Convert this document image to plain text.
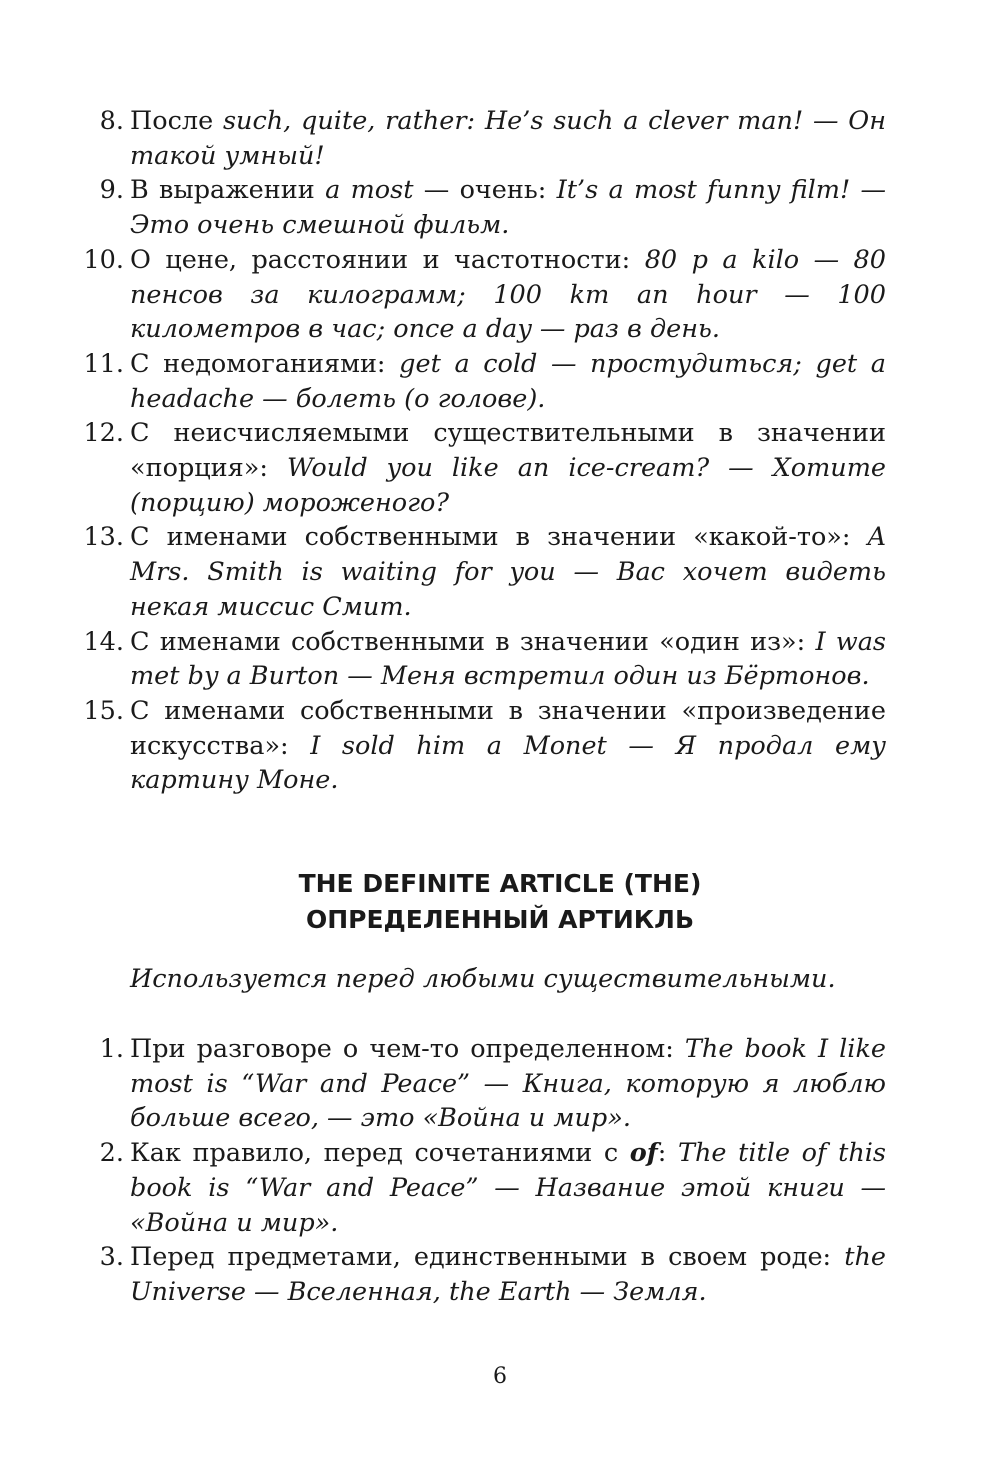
8. После such, quite, rather: He’s such a clever man! — Он такой умный!
9. В выражении a most — очень: It’s a most funny film! — Это очень смешной фильм.
10. О цене, расстоянии и частотности: 80 p a kilo — 80 пенсов за килограмм; 100 km an hour — 100 километров в час; once a day — раз в день.
11. С недомоганиями: get a cold — простудиться; get a headache — болеть (о голове).
12. С неисчисляемыми существительными в значении «порция»: Would you like an ice-cream? — Хотите (порцию) мороженого?
13. С именами собственными в значении «какой-то»: A Mrs. Smith is waiting for you — Вас хочет видеть некая миссис Смит.
14. С именами собственными в значении «один из»: I was met by a Burton — Меня встретил один из Бёртонов.
15. С именами собственными в значении «произведение искусства»: I sold him a Monet — Я продал ему картину Моне.
THE DEFINITE ARTICLE (THE)
ОПРЕДЕЛЕННЫЙ АРТИКЛЬ

Используется перед любыми существительными.

1. При разговоре о чем-то определенном: The book I like most is “War and Peace” — Книга, которую я люблю больше всего, — это «Война и мир».
2. Как правило, перед сочетаниями с of: The title of this book is “War and Peace” — Название этой книги — «Война и мир».
3. Перед предметами, единственными в своем роде: the Universe — Вселенная, the Earth — Земля.

6
